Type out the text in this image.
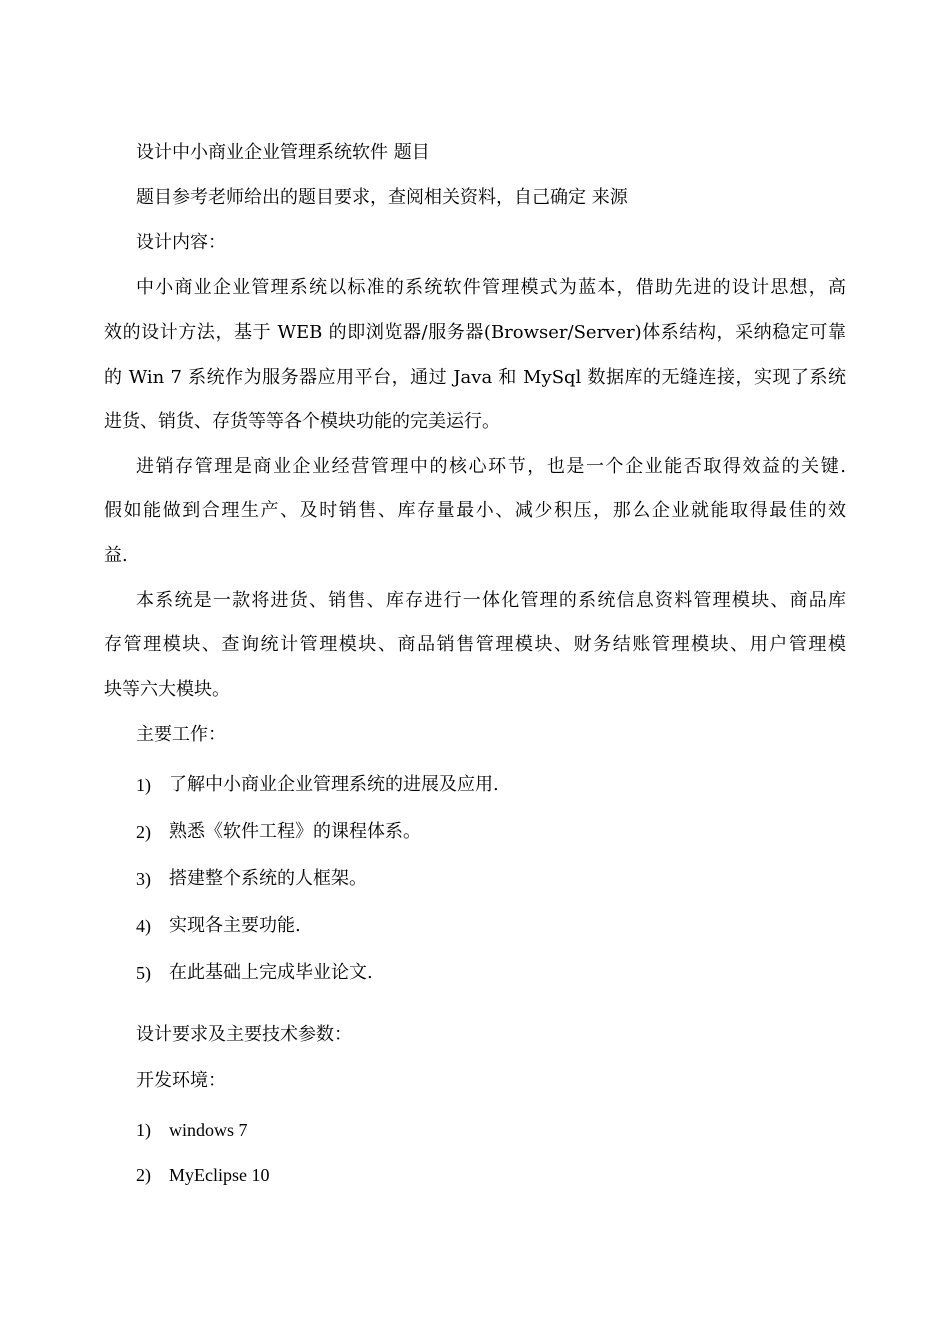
设计中小商业企业管理系统软件 题目
题目参考老师给出的题目要求，查阅相关资料，自己确定 来源
设计内容：
中小商业企业管理系统以标准的系统软件管理模式为蓝本，借助先进的设计思想，高
效的设计方法，基于 WEB 的即浏览器/服务器(Browser/Server)体系结构，采纳稳定可靠
的 Win 7 系统作为服务器应用平台，通过 Java 和 MySql 数据库的无缝连接，实现了系统
进货、销货、存货等等各个模块功能的完美运行。
进销存管理是商业企业经营管理中的核心环节，也是一个企业能否取得效益的关键.
假如能做到合理生产、及时销售、库存量最小、减少积压，那么企业就能取得最佳的效
益.
本系统是一款将进货、销售、库存进行一体化管理的系统信息资料管理模块、商品库
存管理模块、查询统计管理模块、商品销售管理模块、财务结账管理模块、用户管理模
块等六大模块。
主要工作：
1) 了解中小商业企业管理系统的进展及应用.
2) 熟悉《软件工程》的课程体系。
3) 搭建整个系统的人框架。
4) 实现各主要功能.
5) 在此基础上完成毕业论文.
设计要求及主要技术参数：
开发环境：
1) windows 7
2) MyEclipse 10
